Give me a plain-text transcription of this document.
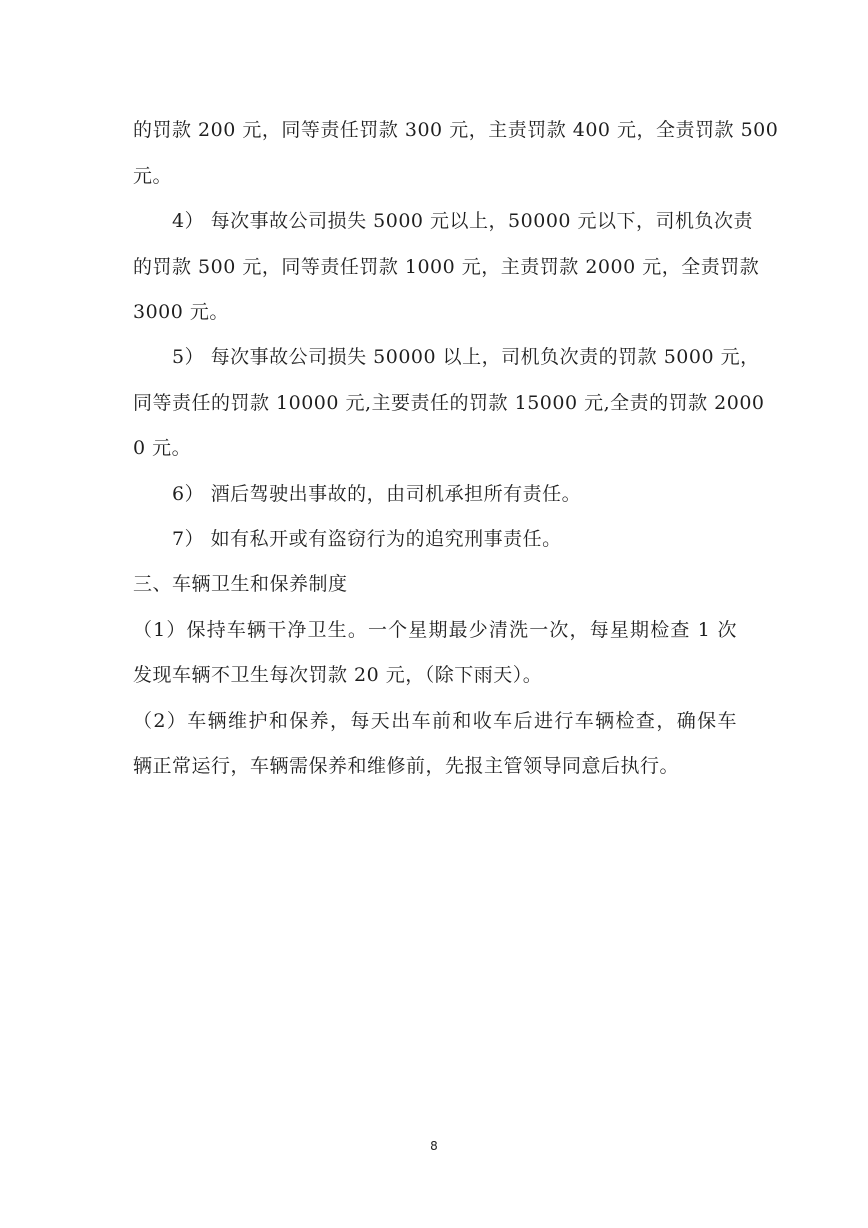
的罚款 200 元，同等责任罚款 300 元，主责罚款 400 元，全责罚款 500
元。
4） 每次事故公司损失 5000 元以上，50000 元以下，司机负次责
的罚款 500 元，同等责任罚款 1000 元，主责罚款 2000 元，全责罚款
3000 元。
5） 每次事故公司损失 50000 以上，司机负次责的罚款 5000 元，
同等责任的罚款 10000 元,主要责任的罚款 15000 元,全责的罚款 2000
0 元。
6） 酒后驾驶出事故的，由司机承担所有责任。
7） 如有私开或有盗窃行为的追究刑事责任。
三、车辆卫生和保养制度
（1）保持车辆干净卫生。一个星期最少清洗一次，每星期检查 1 次
发现车辆不卫生每次罚款 20 元，（除下雨天）。
（2）车辆维护和保养，每天出车前和收车后进行车辆检查，确保车
辆正常运行，车辆需保养和维修前，先报主管领导同意后执行。
8
